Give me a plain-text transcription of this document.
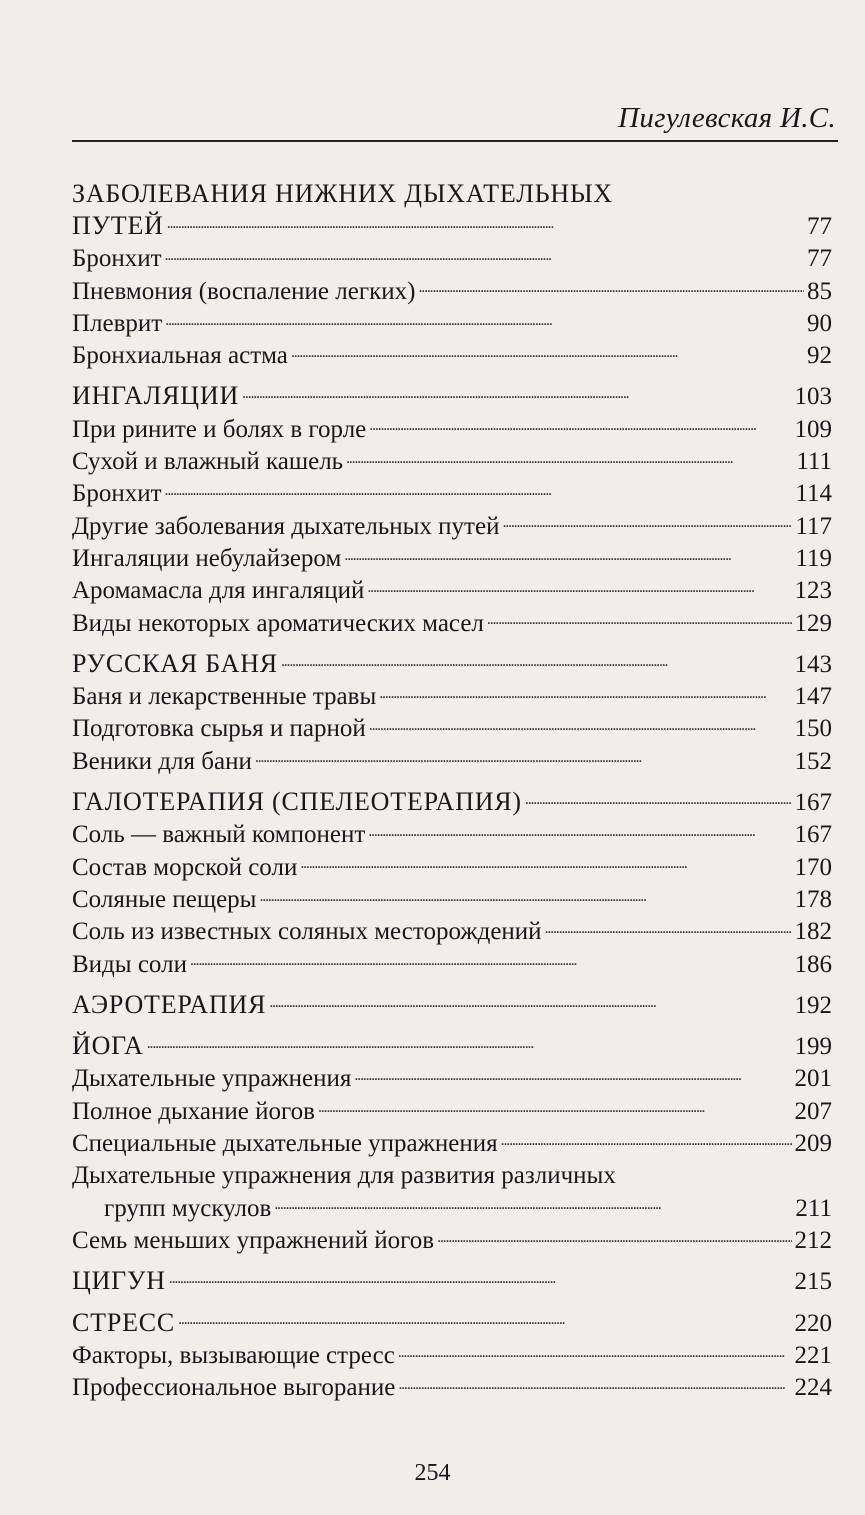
Пигулевская И.С.
ЗАБОЛЕВАНИЯ НИЖНИХ ДЫХАТЕЛЬНЫХ
ПУТЕЙ . . .	77
Бронхит . . .	77
Пневмония (воспаление легких) . . .	85
Плеврит . . .	90
Бронхиальная астма . . .	92
ИНГАЛЯЦИИ . . .	103
При рините и болях в горле . . .	109
Сухой и влажный кашель . . .	111
Бронхит . . .	114
Другие заболевания дыхательных путей . . .	117
Ингаляции небулайзером . . .	119
Аромамасла для ингаляций . . .	123
Виды некоторых ароматических масел . . .	129
РУССКАЯ БАНЯ . . .	143
Баня и лекарственные травы . . .	147
Подготовка сырья и парной . . .	150
Веники для бани . . .	152
ГАЛОТЕРАПИЯ (СПЕЛЕОТЕРАПИЯ) . . .	167
Соль — важный компонент . . .	167
Состав морской соли . . .	170
Соляные пещеры . . .	178
Соль из известных соляных месторождений . . .	182
Виды соли . . .	186
АЭРОТЕРАПИЯ . . .	192
ЙОГА . . .	199
Дыхательные упражнения . . .	201
Полное дыхание йогов . . .	207
Специальные дыхательные упражнения . . .	209
Дыхательные упражнения для развития различных
групп мускулов . . .	211
Семь меньших упражнений йогов . . .	212
ЦИГУН . . .	215
СТРЕСС . . .	220
Факторы, вызывающие стресс . . .	221
Профессиональное выгорание . . .	224
254
